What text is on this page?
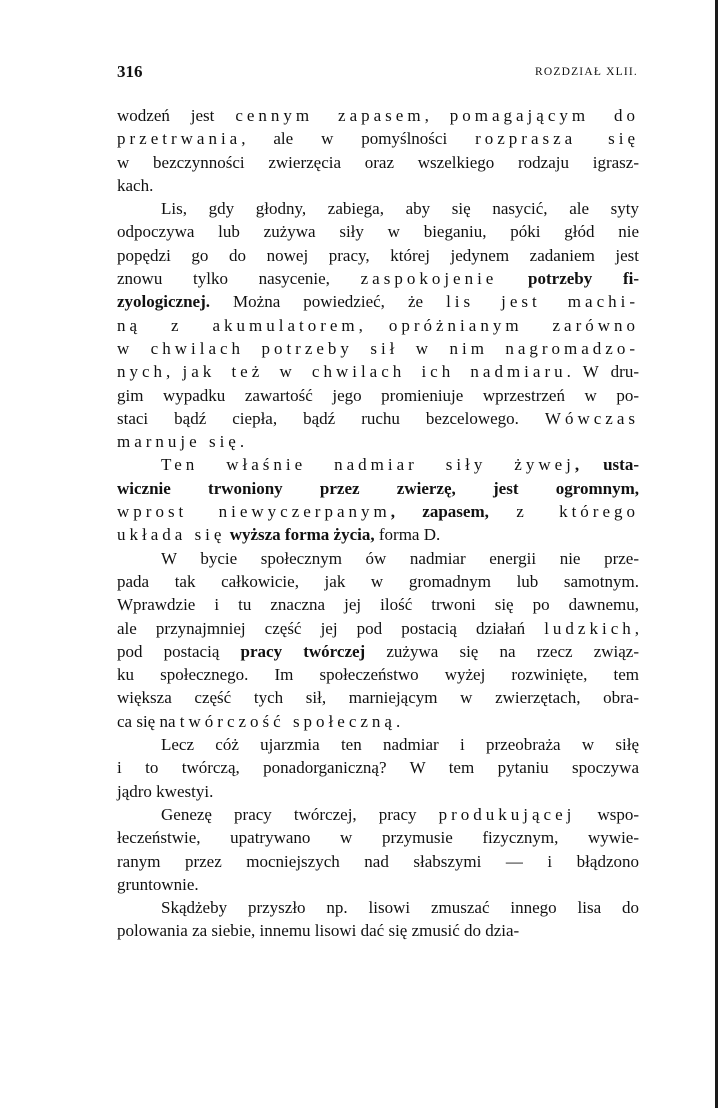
316	ROZDZIAŁ XLII.
wodzeń jest cennym zapasem, pomagającym do
przetrwania, ale w pomyślności rozprasza się
w bezczynności zwierzęcia oraz wszelkiego rodzaju igrasz-
kach.
Lis, gdy głodny, zabiega, aby się nasycić, ale syty
odpoczywa lub zużywa siły w bieganiu, póki głód nie
popędzi go do nowej pracy, której jedynem zadaniem jest
znowu tylko nasycenie, zaspokojenie potrzeby fi-
zyologicznej. Można powiedzieć, że lis jest machi-
ną z akumulatorem, opróżnianym zarówno
w chwilach potrzeby sił w nim nagromadzo-
nych, jak też w chwilach ich nadmiaru. W dru-
gim wypadku zawartość jego promieniuje wprzestrzeń w po-
staci bądź ciepła, bądź ruchu bezcelowego. Wówczas
marnuje się.
Ten właśnie nadmiar siły żywej, usta-
wicznie trwoniony przez zwierzę, jest ogromnym,
wprost niewyczerpanym, zapasem, z którego
układa się wyższa forma życia, forma D.
W bycie społecznym ów nadmiar energii nie prze-
pada tak całkowicie, jak w gromadnym lub samotnym.
Wprawdzie i tu znaczna jej ilość trwoni się po dawnemu,
ale przynajmniej część jej pod postacią działań ludzkich,
pod postacią pracy twórczej zużywa się na rzecz związ-
ku społecznego. Im społeczeństwo wyżej rozwinięte, tem
większa część tych sił, marniejącym w zwierzętach, obra-
ca się na twórczość społeczną.
Lecz cóż ujarzmia ten nadmiar i przeobraża w siłę
i to twórczą, ponadorganiczną? W tem pytaniu spoczywa
jądro kwestyi.
Genezę pracy twórczej, pracy produkującej wspo-
łeczeństwie, upatrywano w przymusie fizycznym, wywie-
ranym przez mocniejszych nad słabszymi — i błądzono
gruntownie.
Skądżeby przyszło np. lisowi zmuszać innego lisa do
polowania za siebie, innemu lisowi dać się zmusić do dzia-
